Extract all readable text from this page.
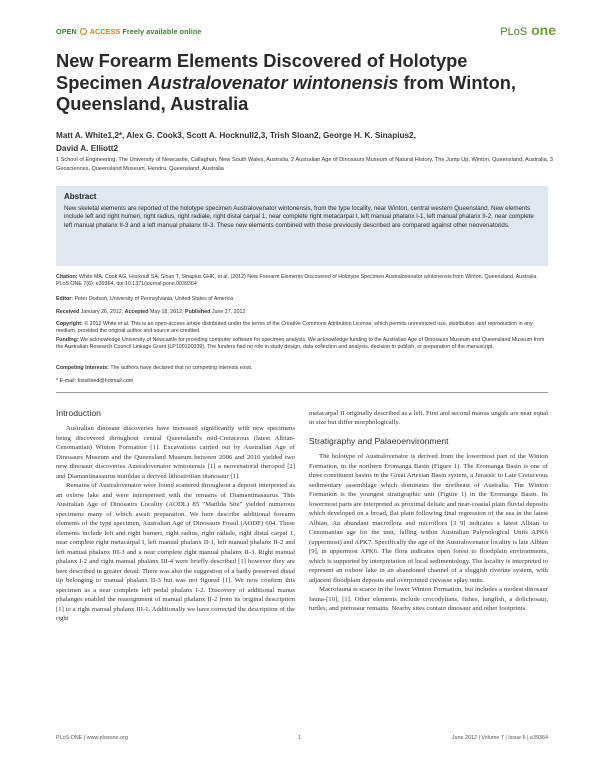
OPEN ACCESS Freely available online	PLoS one
New Forearm Elements Discovered of Holotype
Specimen Australovenator wintonensis from Winton,
Queensland, Australia
Matt A. White1,2*, Alex G. Cook3, Scott A. Hocknull2,3, Trish Sloan2, George H. K. Sinapius2,
David A. Elliott2
1 School of Engineering, The University of Newcastle, Callaghan, New South Wales, Australia, 2 Australian Age of Dinosaurs Museum of Natural History, The Jump Up, Winton, Queensland, Australia, 3 Geosciences, Queensland Museum, Hendra, Queensland, Australia
Abstract

New skeletal elements are reported of the holotype specimen Australovenator wintonensis, from the type locality, near Winton, central western Queensland. New elements include left and right humeri, right radius, right radiale, right distal carpal 1, near complete right metacarpal I, left manual phalanx I-1, left manual phalanx II-2, near complete left manual phalanx II-3 and a left manual phalanx III-3. These new elements combined with those previously described are compared against other neovenatorids.

Citation: White MA, Cook AG, Hocknull SA, Sloan T, Sinapius GHK, et al. (2012) New Forearm Elements Discovered of Holotype Specimen Australovenator wintonensis from Winton, Queensland, Australia. PLoS ONE 7(6): e39364. doi:10.1371/journal.pone.0039364
Editor: Peter Dodson, University of Pennsylvania, United States of America
Received January 26, 2012; Accepted May 18, 2012; Published June 27, 2012
Copyright: © 2012 White et al. This is an open-access article distributed under the terms of the Creative Commons Attribution License, which permits unrestricted use, distribution, and reproduction in any medium, provided the original author and source are credited.
Funding: We acknowledge University of Newcastle for providing computer software for specimen analysis. We acknowledge funding to the Australian Age of Dinosaurs Museum and Queensland Museum from the Australian Research Council Linkage Grant (LP100100339). The funders had no role in study design, data collection and analysis, decision to publish, or preparation of the manuscript.
Competing Interests: The authors have declared that no competing interests exist.
* E-mail: fossilised@hotmail.com
Introduction

Australian dinosaur discoveries have increased significantly with new specimens being discovered throughout central Queensland's mid-Cretaceous (latest Albian-Cenomanian) Winton Formation [1]. Excavations carried out by Australian Age of Dinosaurs Museum and the Queensland Museum between 2006 and 2010 yielded two new dinosaur discoveries Australovenator wintonensis [1] a neovenatorid theropod [2] and Diamantinasaurus matildae a derived lithostrotian titanosaur [1].

Remains of Australovenator were found scattered throughout a deposit interpreted as an oxbow lake and were interspersed with the remains of Diamantinasaurus. This Australian Age of Dinosaurs Locality (AODL) 85 "Matilda Site" yielded numerous specimens many of which await preparation. We here describe additional forearm elements of the type specimen, Australian Age of Dinosaurs Fossil (AODF) 604. These elements include left and right humeri, right radius, right radiale, right distal carpal 1, near complete right metacarpal I, left manual phalanx II-1, left manual phalanx II-2 and left manual phalanx III-3 and a near complete right manual phalanx II-3. Right manual phalanx I-2 and right manual phalanx III-4 were briefly described [1] however they are here described in greater detail. There was also the suggestion of a badly preserved distal tip belonging to manual phalanx II-3 but was not figured [1]. We now confirm this specimen as a near complete left pedal phalanx I-2. Discovery of additional manus phalanges enabled the reassignment of manual phalanx II-2 from its original description [1] to a right manual phalanx III-1. Additionally we have corrected the description of the right

metacarpal II originally described as a left. First and second manus ungals are near equal in size but differ morphologically.

Stratigraphy and Palaeoenvironment

The holotype of Australovenator is derived from the lowermost part of the Winton Formation, in the northern Eromanga Basin (Figure 1). The Eromanga Basin is one of three constituent basins in the Great Artesian Basin system, a Jurassic to Late Cretaceous sedimentary assemblage which dominates the northeast of Australia. The Winton Formation is the youngest stratigraphic unit (Figure 1) in the Eromanga Basin. Its lowermost parts are interpreted as proximal deltaic and near-coastal plain fluvial deposits which developed on a broad, flat plain following final regression of the sea in the latest Albian. An abundant macroflora and microflora [3 9] indicates a latest Albian to Cenomanian age for the unit, falling within Australian Palynological Units APK6 (uppermost) and APK7. Specifically the age of the Australovenator locality is late Albian [9], in uppermost APK6. The flora indicates open forest to floodplain environments, which is supported by interpretation of local sedimentology. The locality is interpreted to represent an oxbow lake in an abandoned channel of a sluggish riverine system, with adjacent floodplain deposits and overprinted crevasse splay units.

Macrofauna is scarce in the lower Winton Formation, but includes a modest dinosaur fauna-[10], [1]. Other elements include crocodylians, fishes, lungfish, a dolichosaur, turtles, and pterosaur remains. Nearby sites contain dinosaur and other footprints.

PLoS ONE | www.plosone.org	1	June 2012 | Volume 7 | Issue 6 | e39364
